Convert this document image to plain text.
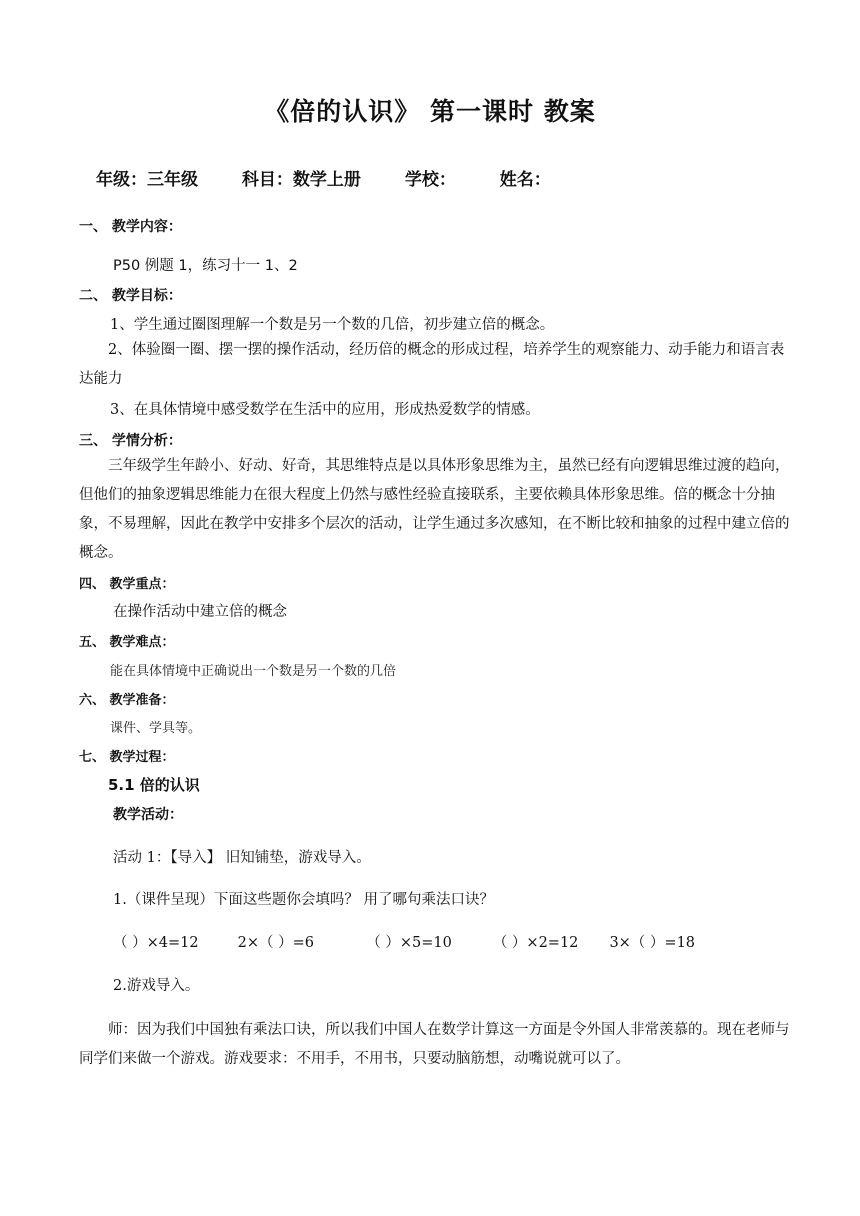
《倍的认识》 第一课时 教案
年级：三年级	科目：数学上册	学校：	姓名：
一、 教学内容：
P50 例题 1，练习十一 1、2
二、 教学目标：
1、学生通过圈图理解一个数是另一个数的几倍，初步建立倍的概念。
2、体验圈一圈、摆一摆的操作活动，经历倍的概念的形成过程，培养学生的观察能力、动手能力和语言表达能力
3、在具体情境中感受数学在生活中的应用，形成热爱数学的情感。
三、 学情分析：
三年级学生年龄小、好动、好奇，其思维特点是以具体形象思维为主，虽然已经有向逻辑思维过渡的趋向，但他们的抽象逻辑思维能力在很大程度上仍然与感性经验直接联系，主要依赖具体形象思维。倍的概念十分抽象，不易理解，因此在教学中安排多个层次的活动，让学生通过多次感知，在不断比较和抽象的过程中建立倍的概念。
四、 教学重点：
在操作活动中建立倍的概念
五、 教学难点：
能在具体情境中正确说出一个数是另一个数的几倍
六、 教学准备：
课件、学具等。
七、 教学过程：
5.1 倍的认识
教学活动：
活动 1：【导入】 旧知铺垫，游戏导入。
1.（课件呈现）下面这些题你会填吗？ 用了哪句乘法口诀？
（ ）×4=12	2×（ ）=6	（ ）×5=10	（ ）×2=12 3×（ ）=18
2.游戏导入。
师：因为我们中国独有乘法口诀，所以我们中国人在数学计算这一方面是令外国人非常羡慕的。现在老师与同学们来做一个游戏。游戏要求：不用手，不用书，只要动脑筋想，动嘴说就可以了。
